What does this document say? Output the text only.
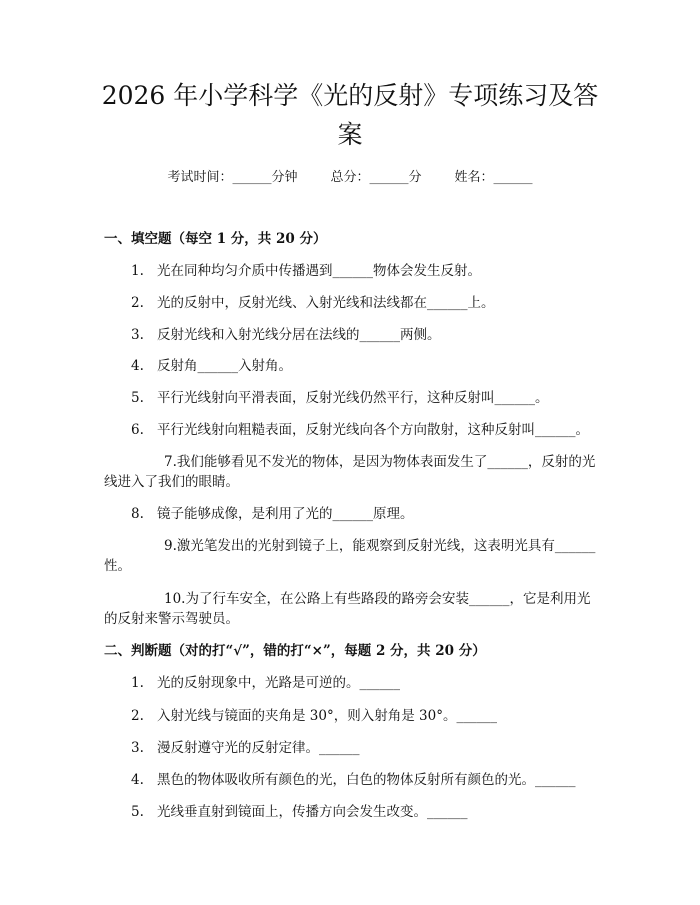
2026 年小学科学《光的反射》专项练习及答
案
考试时间：______分钟        总分：______分        姓名：______
一、填空题（每空 1 分，共 20 分）
1. 光在同种均匀介质中传播遇到______物体会发生反射。
2. 光的反射中，反射光线、入射光线和法线都在______上。
3. 反射光线和入射光线分居在法线的______两侧。
4. 反射角______入射角。
5. 平行光线射向平滑表面，反射光线仍然平行，这种反射叫______。
6. 平行光线射向粗糙表面，反射光线向各个方向散射，这种反射叫______。
7.我们能够看见不发光的物体，是因为物体表面发生了______，反射的光线进入了我们的眼睛。
8. 镜子能够成像，是利用了光的______原理。
9.激光笔发出的光射到镜子上，能观察到反射光线，这表明光具有______性。
10.为了行车安全，在公路上有些路段的路旁会安装______，它是利用光的反射来警示驾驶员。
二、判断题（对的打“√”，错的打“×”，每题 2 分，共 20 分）
1. 光的反射现象中，光路是可逆的。______
2. 入射光线与镜面的夹角是 30°，则入射角是 30°。______
3. 漫反射遵守光的反射定律。______
4. 黑色的物体吸收所有颜色的光，白色的物体反射所有颜色的光。______
5. 光线垂直射到镜面上，传播方向会发生改变。______
